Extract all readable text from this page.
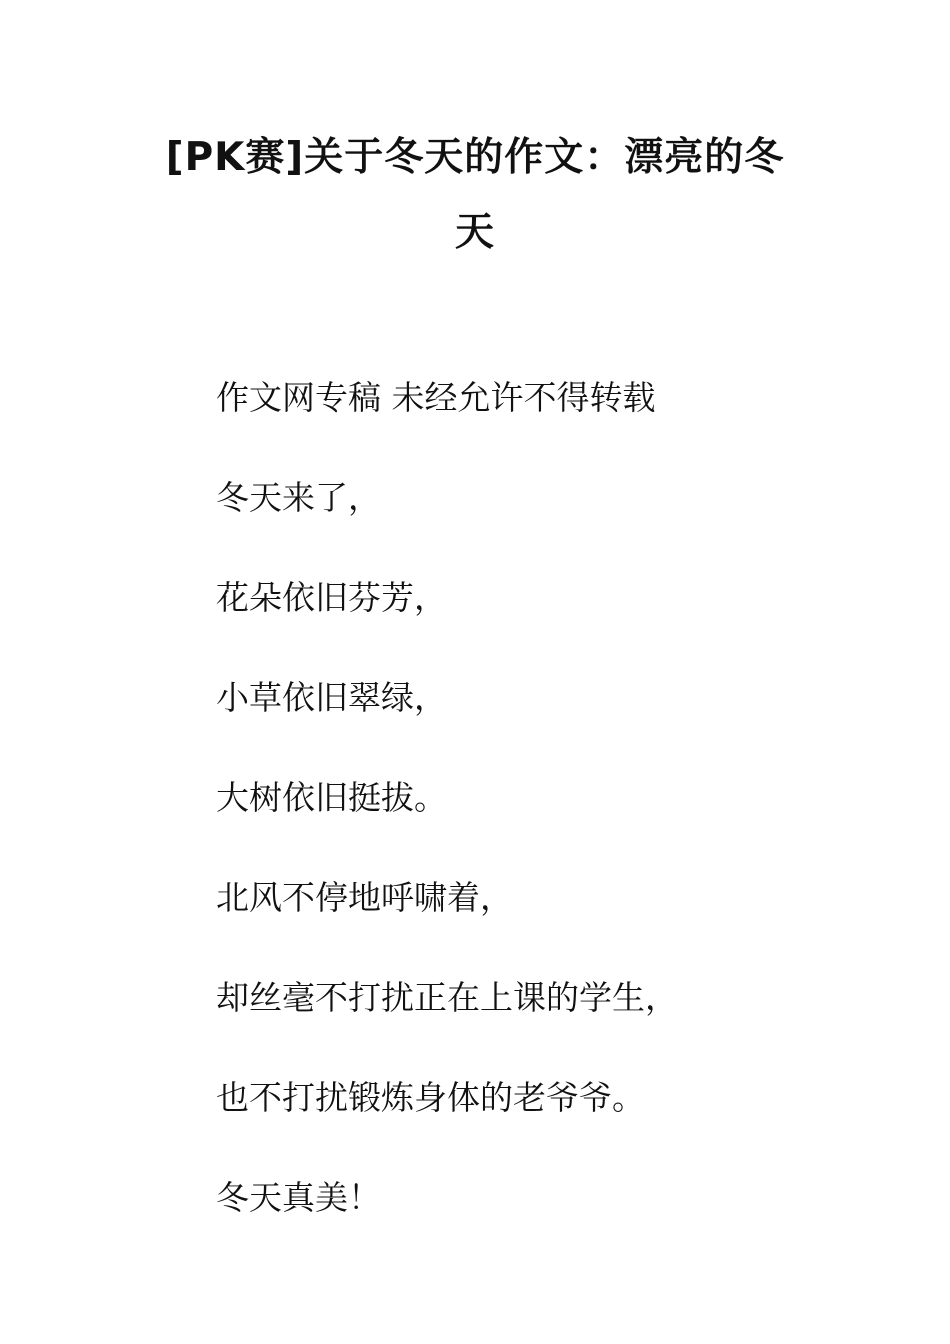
[PK赛]关于冬天的作文：漂亮的冬
天
作文网专稿 未经允许不得转载
冬天来了，
花朵依旧芬芳，
小草依旧翠绿，
大树依旧挺拔。
北风不停地呼啸着，
却丝毫不打扰正在上课的学生，
也不打扰锻炼身体的老爷爷。
冬天真美！
